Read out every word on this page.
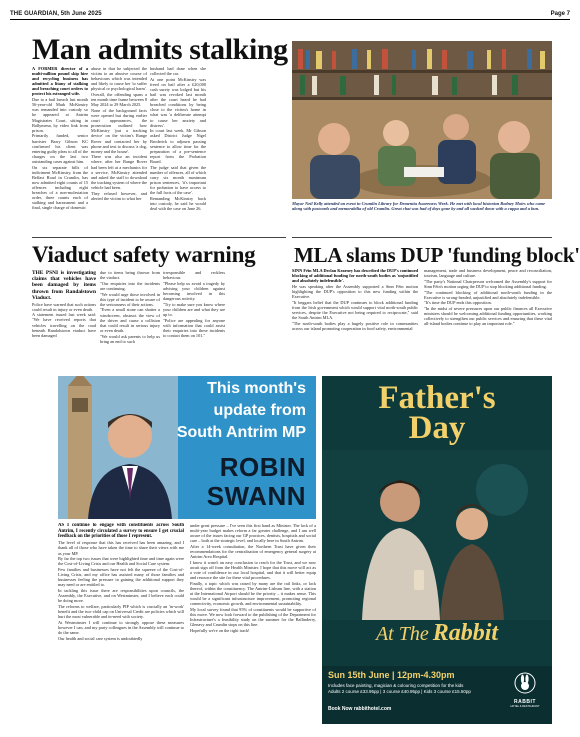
THE GUARDIAN, 5th June 2025	Page 7
Man admits stalking

A FORMER director of a multi-million pound skip hire and recycling business has admitted a litany of stalking and breaching court orders to protect his estranged wife.

Due to a bail breach last month 56-year-old Mark McKinstry was remanded into custody so he appeared at Antrim Magistrates Court, sitting in Ballymena, by video link from prison.

Primarily funded, senior barrister Barry Gibson KC confirmed his client was entering guilty pleas to all of the charges on the last two outstanding cases against him.

On six separate bills of indictment McKinstry, from the Belfast Road in Crumlin, has now admitted eight counts of 15 offences including eight breaches of a non-molestation order, three counts each of stalking and harassment and a final, single charge of domestic

abuse in that he subjected the victim to an abusive course of behaviours which was intended and likely to cause her 'to suffer physical or psychological harm'.

Overall, the offending spans a ten month time frame between 8 May 2024 to 29 March 2025.

None of the background facts were opened but during earlier court appearances, the prosecution outlined how McKinstry 'put a tracking device' on the victim's Range Rover and contacted her by phone and text to discuss 'a dog, money and the house'.

There was also an incident where, after her Range Rover had been left at a mechanics for a service, McKinstry attended and asked the staff to download the tracking system of where the vehicle had been.

They refused however, and alerted the victim to what her

husband had done when she collected the car.

At one point McKinstry was freed on bail after a £20,000 cash surety was lodged but his bail was revoked last month after the court heard he had breached conditions by being close to the victim's home in what was 'a deliberate attempt to cause her anxiety and distress'.

In court last week, Mr Gibson asked District Judge Nigel Broderick to adjourn passing sentence to allow time for the preparation of a pre-sentence report from the Probation Board.

The judge said that given the number of offences, all of which carry six month maximum prison sentences, 'it's important for probation to have access to the full facts of the case'.

Remanding McKinstry back into custody, he said he would deal with the case on June 26.

Mayor Neil Kelly attended an event in Crumlin Library for Dementia Awareness Week. He met with local historian Rodney Moirs who came along with postcards and memorabilia of old Crumlin. Great chat was had of days gone by and all washed down with a cuppa and a bun.
Viaduct safety warning

THE PSNI is investigating claims that vehicles have been damaged by items thrown from Randalstown Viaduct.

Police have warned that such actions could result in injury or even death.

A statement issued last week said: "We have received reports that vehicles travelling on the road beneath Randalstown viaduct have been damaged

due to items being thrown from the viaduct.

"Our enquiries into the incidents are continuing.

"We would urge those involved in this type of incident to be aware of the seriousness of their actions.

"Even a small stone can shatter a windscreen, obstruct the view of the driver and cause a collision that could result in serious injury or even death.

"We would ask parents to help us bring an end to such

irresponsible and reckless behaviour.

"Please help us avoid a tragedy by advising your children against becoming involved in this dangerous activity.

"Try to make sure you know where your children are and what they are up to.

"Police are appealing for anyone with information that could assist their enquiries into these incidents to contact them on 101."

MLA slams DUP 'funding block'

SINN Féin MLA Declan Kearney has described the DUP's continued blocking of additional funding for north-south bodies as 'unjustified and absolutely indefensible'.

He was speaking after the Assembly supported a Sinn Féin motion highlighting the DUP's opposition to this new funding within the Executive.

"It beggars belief that the DUP continues to block additional funding from the Irish government which would support vital north-south public services, despite the Executive not being required to reciprocate," said the South Antrim MLA.

"The north-south bodies play a hugely positive role in communities across our island promoting cooperation in food safety, environmental

management, trade and business development, peace and reconciliation, tourism, language and culture.

"The party's National Chairperson welcomed the Assembly's support for Sinn Féin's motion urging the DUP to stop blocking additional funding.

"The continued blocking of additional north-south funding in the Executive is wrong-headed, unjustified and absolutely indefensible.

"It's time the DUP ends this opposition.

"In the midst of severe pressures upon our public finances all Executive ministers should be welcoming additional funding opportunities, working collectively to strengthen our public services and ensuring that these vital all-island bodies continue to play an important role."

This month's
update from
South Antrim MP
ROBIN
SWANN

AS I continue to engage with constituents across South Antrim, I recently circulated a survey to ensure I get crucial feedback on the priorities of those I represent.

The level of response that this has received has been amazing, and I thank all of those who have taken the time to share their views with me as your MP.

By far the top two issues that were highlighted time and time again were the Cost-of-Living Crisis and our Health and Social Care system.

Few families and businesses have not felt the squeeze of the Cost-of-Living Crisis, and my office has assisted many of those families and businesses feeling the pressure in gaining the additional support they may need or are entitled to.

In tackling this issue there are responsibilities upon councils, the Assembly, the Executive, and on Westminster, and I believe each could be doing more.

The reforms to welfare, particularly PIP which is crucially an 'in-work' benefit and the two-child cap on Universal Credit are policies which will hurt the most vulnerable and in-need with society.

At Westminster I will continue to strongly oppose these measures however I can, and my party colleagues in the Assembly will continue to do the same.

Our health and social care system is undoubtedly

under great pressure – I've seen this first hand as Minister. The lack of a multi-year budget makes reform a far greater challenge, and I am well aware of the issues facing our GP practices, dentists, hospitals and social care – both at the strategic level, and locally here in South Antrim.

After a 14-week consultation, the Northern Trust have given their recommendations for the centralisation of emergency general surgery at Antrim Area Hospital.

I know it wasn't an easy conclusion to reach for the Trust, and we now await sign off from the Health Minister. I hope that this move will act as a vote of confidence in our local hospital, and that it will better equip and resource the site for these vital procedures.

Finally, a topic which was raised by many are the rail links, or lack thereof, within the constituency. The Antrim-Lisburn line, with a station at the International Airport should be the priority – it makes sense. This would be a significant infrastructure improvement, promoting regional connectivity, economic growth, and environmental sustainability.

My local survey found that 95% of constituents would be supportive of this move. We now look forward to the publishing of the Department for Infrastructure's a feasibility study on the summer for the Ballinderry, Glenavy and Crumlin stops on this line.

Hopefully we're on the right track!

Father's
Day
At The Rabbit
Sun 15th June | 12pm-4.30pm
Includes face painting, magician & colouring competition for the kids
Adults 2 course £33.95pp | 3 course £40.95pp | Kids 3 course £15.50pp
Book Now rabbithotel.com
RABBIT
HOTEL & RESTAURANT
